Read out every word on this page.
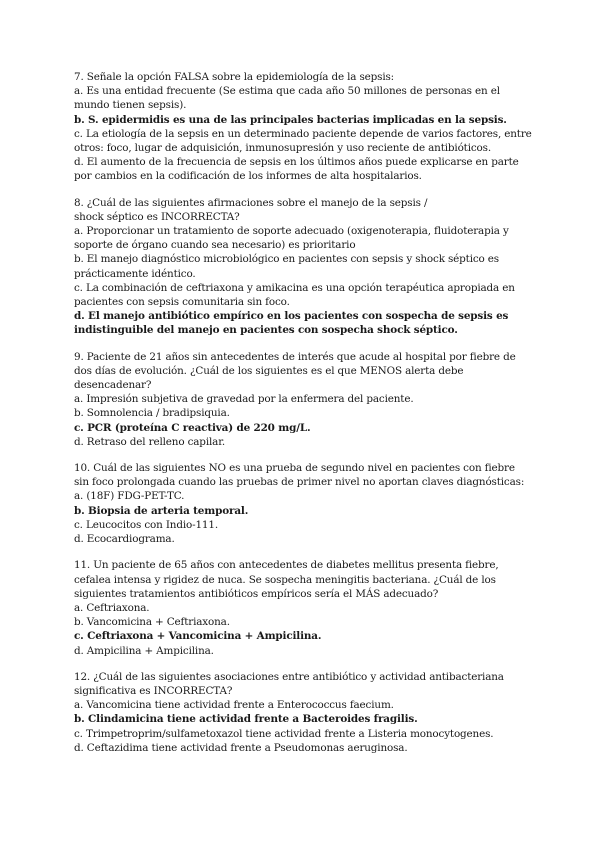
7. Señale la opción FALSA sobre la epidemiología de la sepsis:

a. Es una entidad frecuente (Se estima que cada año 50 millones de personas en el mundo tienen sepsis).

b. S. epidermidis es una de las principales bacterias implicadas en la sepsis.

c. La etiología de la sepsis en un determinado paciente depende de varios factores, entre otros: foco, lugar de adquisición, inmunosupresión y uso reciente de antibióticos.

d. El aumento de la frecuencia de sepsis en los últimos años puede explicarse en parte por cambios en la codificación de los informes de alta hospitalarios.

8. ¿Cuál de las siguientes afirmaciones sobre el manejo de la sepsis / shock séptico es INCORRECTA?

a. Proporcionar un tratamiento de soporte adecuado (oxigenoterapia, fluidoterapia y soporte de órgano cuando sea necesario) es prioritario

b. El manejo diagnóstico microbiológico en pacientes con sepsis y shock séptico es prácticamente idéntico.

c. La combinación de ceftriaxona y amikacina es una opción terapéutica apropiada en pacientes con sepsis comunitaria sin foco.

d. El manejo antibiótico empírico en los pacientes con sospecha de sepsis es indistinguible del manejo en pacientes con sospecha shock séptico.

9. Paciente de 21 años sin antecedentes de interés que acude al hospital por fiebre de dos días de evolución. ¿Cuál de los siguientes es el que MENOS alerta debe desencadenar?

a. Impresión subjetiva de gravedad por la enfermera del paciente.

b. Somnolencia / bradipsiquia.

c. PCR (proteína C reactiva) de 220 mg/L.

d. Retraso del relleno capilar.

10. Cuál de las siguientes NO es una prueba de segundo nivel en pacientes con fiebre sin foco prolongada cuando las pruebas de primer nivel no aportan claves diagnósticas:

a. (18F) FDG-PET-TC.

b. Biopsia de arteria temporal.

c. Leucocitos con Indio-111.

d. Ecocardiograma.

11. Un paciente de 65 años con antecedentes de diabetes mellitus presenta fiebre, cefalea intensa y rigidez de nuca. Se sospecha meningitis bacteriana. ¿Cuál de los siguientes tratamientos antibióticos empíricos sería el MÁS adecuado?

a. Ceftriaxona.

b. Vancomicina + Ceftriaxona.

c. Ceftriaxona + Vancomicina + Ampicilina.

d. Ampicilina + Ampicilina.

12. ¿Cuál de las siguientes asociaciones entre antibiótico y actividad antibacteriana significativa es INCORRECTA?

a. Vancomicina tiene actividad frente a Enterococcus faecium.

b. Clindamicina tiene actividad frente a Bacteroides fragilis.

c. Trimpetroprim/sulfametoxazol tiene actividad frente a Listeria monocytogenes.

d. Ceftazidima tiene actividad frente a Pseudomonas aeruginosa.
